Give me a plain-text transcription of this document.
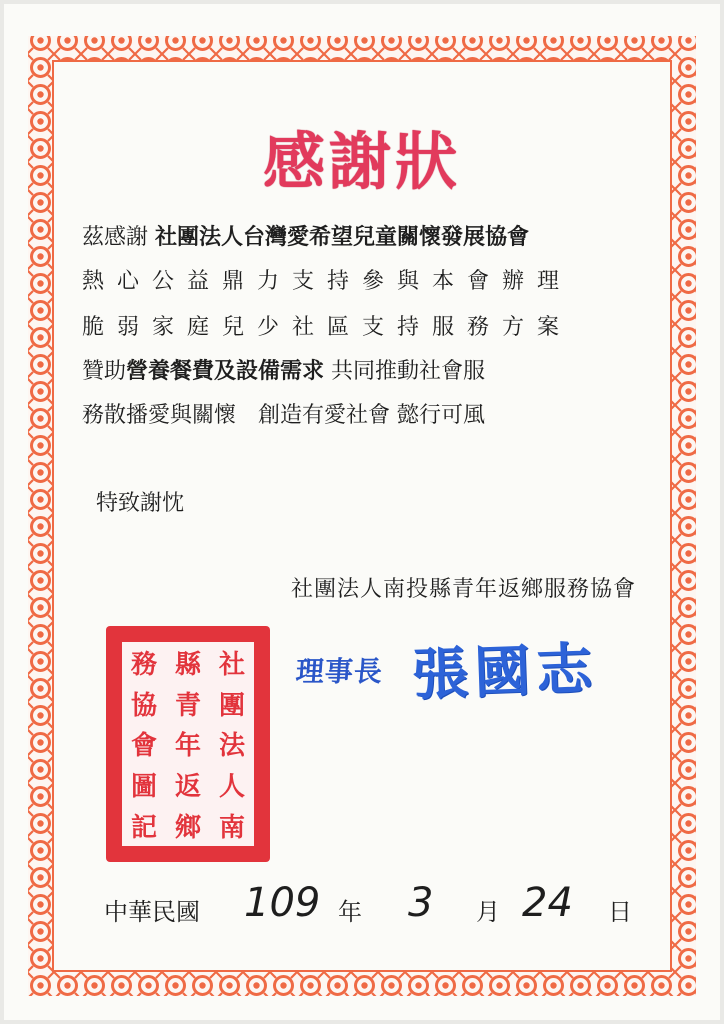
感謝狀
茲感謝 社團法人台灣愛希望兒童關懷發展協會
熱心公益鼎力支持參與本會辦理
脆弱家庭兒少社區支持服務方案
贊助營養餐費及設備需求 共同推動社會服
務散播愛與關懷　創造有愛社會 懿行可風
特致謝忱
社團法人南投縣青年返鄉服務協會
務 縣 社
協 青 團
會 年 法
圖 返 人
記 鄉 南
理事長 張國志
中華民國 109 年 3 月 24 日
